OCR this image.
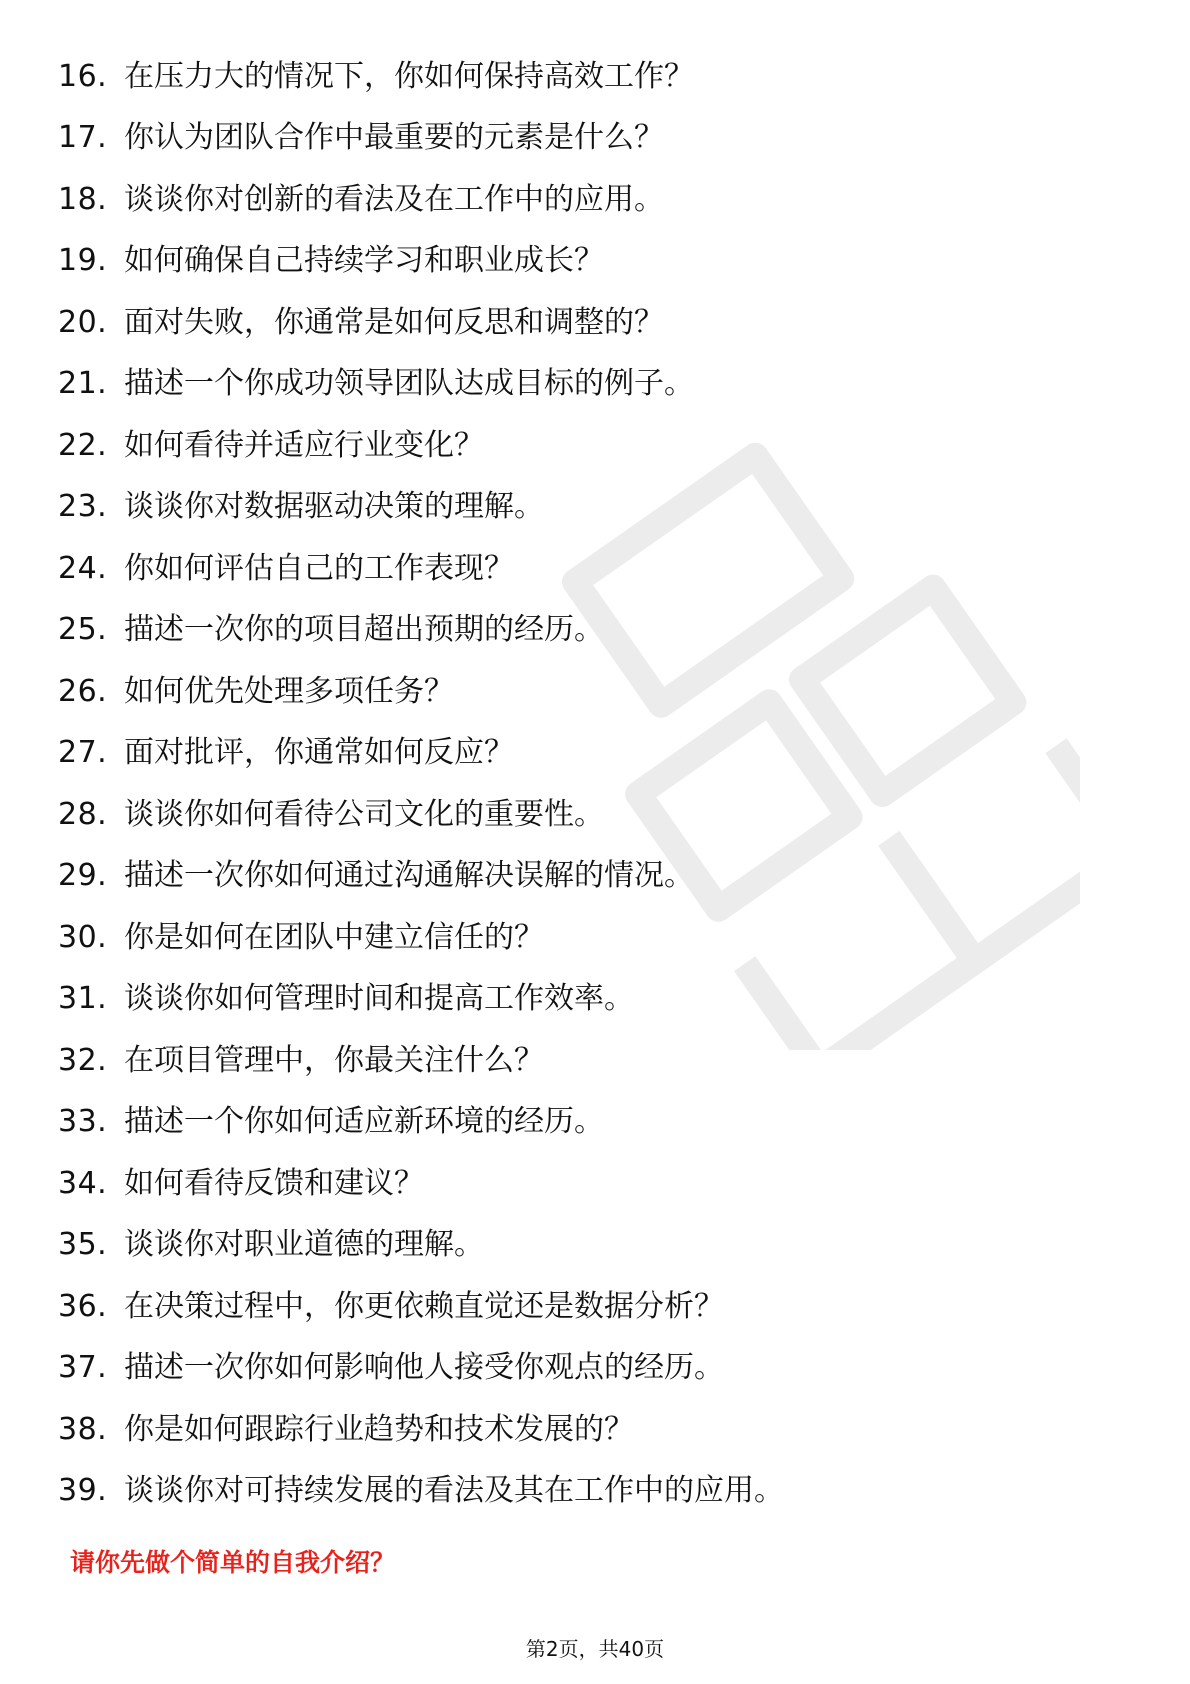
16. 在压力大的情况下，你如何保持高效工作？
17. 你认为团队合作中最重要的元素是什么？
18. 谈谈你对创新的看法及在工作中的应用。
19. 如何确保自己持续学习和职业成长？
20. 面对失败，你通常是如何反思和调整的？
21. 描述一个你成功领导团队达成目标的例子。
22. 如何看待并适应行业变化？
23. 谈谈你对数据驱动决策的理解。
24. 你如何评估自己的工作表现？
25. 描述一次你的项目超出预期的经历。
26. 如何优先处理多项任务？
27. 面对批评，你通常如何反应？
28. 谈谈你如何看待公司文化的重要性。
29. 描述一次你如何通过沟通解决误解的情况。
30. 你是如何在团队中建立信任的？
31. 谈谈你如何管理时间和提高工作效率。
32. 在项目管理中，你最关注什么？
33. 描述一个你如何适应新环境的经历。
34. 如何看待反馈和建议？
35. 谈谈你对职业道德的理解。
36. 在决策过程中，你更依赖直觉还是数据分析？
37. 描述一次你如何影响他人接受你观点的经历。
38. 你是如何跟踪行业趋势和技术发展的？
39. 谈谈你对可持续发展的看法及其在工作中的应用。
请你先做个简单的自我介绍？
第2页，共40页
